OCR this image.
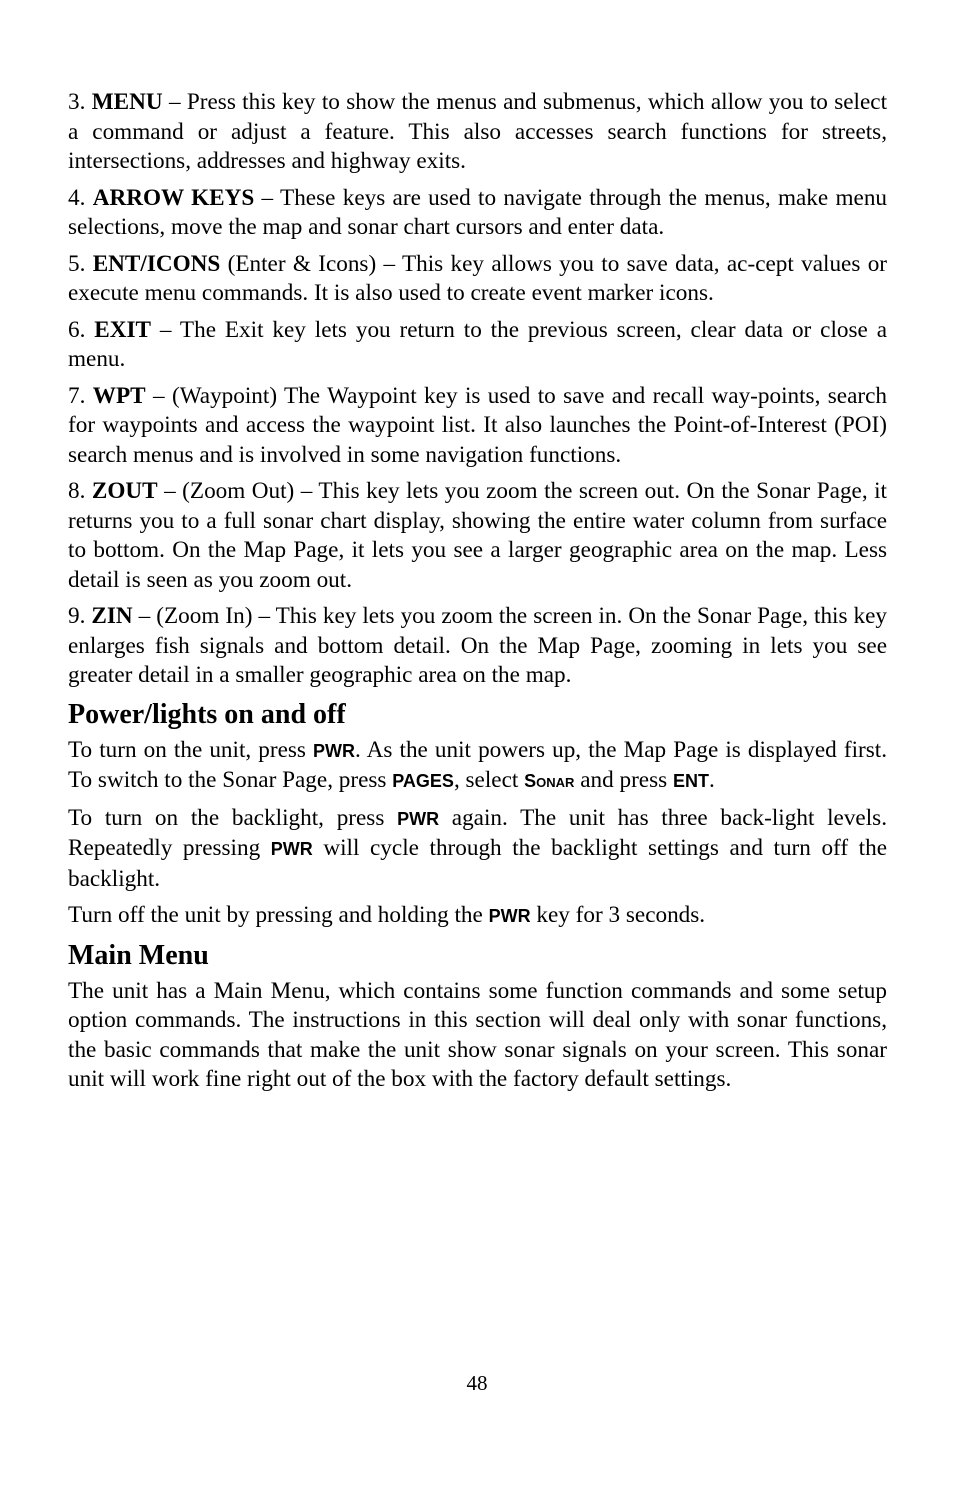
3. MENU – Press this key to show the menus and submenus, which allow you to select a command or adjust a feature. This also accesses search functions for streets, intersections, addresses and highway exits.

4. ARROW KEYS – These keys are used to navigate through the menus, make menu selections, move the map and sonar chart cursors and enter data.

5. ENT/ICONS (Enter & Icons) – This key allows you to save data, ac-cept values or execute menu commands. It is also used to create event marker icons.

6. EXIT – The Exit key lets you return to the previous screen, clear data or close a menu.

7. WPT – (Waypoint) The Waypoint key is used to save and recall way-points, search for waypoints and access the waypoint list. It also launches the Point-of-Interest (POI) search menus and is involved in some navigation functions.

8. ZOUT – (Zoom Out) – This key lets you zoom the screen out. On the Sonar Page, it returns you to a full sonar chart display, showing the entire water column from surface to bottom. On the Map Page, it lets you see a larger geographic area on the map. Less detail is seen as you zoom out.

9. ZIN – (Zoom In) – This key lets you zoom the screen in. On the Sonar Page, this key enlarges fish signals and bottom detail. On the Map Page, zooming in lets you see greater detail in a smaller geographic area on the map.

Power/lights on and off

To turn on the unit, press PWR. As the unit powers up, the Map Page is displayed first. To switch to the Sonar Page, press PAGES, select Sonar and press ENT.

To turn on the backlight, press PWR again. The unit has three back-light levels. Repeatedly pressing PWR will cycle through the backlight settings and turn off the backlight.

Turn off the unit by pressing and holding the PWR key for 3 seconds.

Main Menu

The unit has a Main Menu, which contains some function commands and some setup option commands. The instructions in this section will deal only with sonar functions, the basic commands that make the unit show sonar signals on your screen. This sonar unit will work fine right out of the box with the factory default settings.

48
